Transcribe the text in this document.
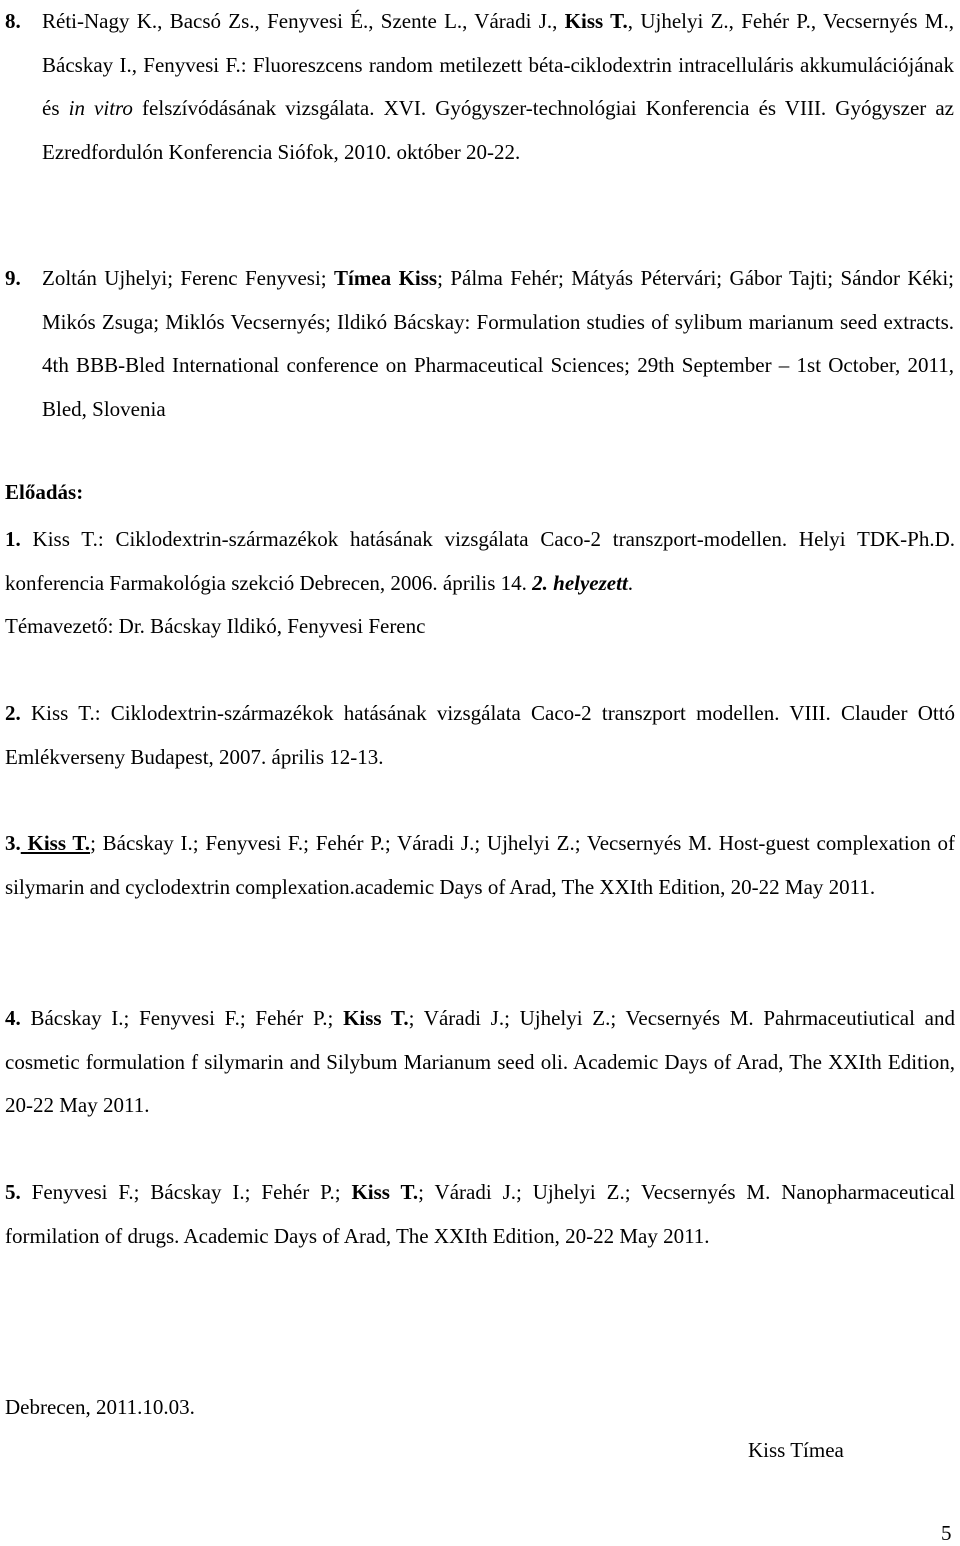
8. Réti-Nagy K., Bacsó Zs., Fenyvesi É., Szente L., Váradi J., Kiss T., Ujhelyi Z., Fehér P., Vecsernyés M., Bácskay I., Fenyvesi F.: Fluoreszcens random metilezett béta-ciklodextrin intracelluláris akkumulációjának és in vitro felszívódásának vizsgálata. XVI. Gyógyszer-technológiai Konferencia és VIII. Gyógyszer az Ezredfordulón Konferencia Siófok, 2010. október 20-22.

9. Zoltán Ujhelyi; Ferenc Fenyvesi; Tímea Kiss; Pálma Fehér; Mátyás Pétervári; Gábor Tajti; Sándor Kéki; Mikós Zsuga; Miklós Vecsernyés; Ildikó Bácskay: Formulation studies of sylibum marianum seed extracts. 4th BBB-Bled International conference on Pharmaceutical Sciences; 29th September – 1st October, 2011, Bled, Slovenia

Előadás:

1. Kiss T.: Ciklodextrin-származékok hatásának vizsgálata Caco-2 transzport-modellen. Helyi TDK-Ph.D. konferencia Farmakológia szekció Debrecen, 2006. április 14. 2. helyezett.

Témavezető: Dr. Bácskay Ildikó, Fenyvesi Ferenc

2. Kiss T.: Ciklodextrin-származékok hatásának vizsgálata Caco-2 transzport modellen. VIII. Clauder Ottó Emlékverseny Budapest, 2007. április 12-13.

3. Kiss T.; Bácskay I.; Fenyvesi F.; Fehér P.; Váradi J.; Ujhelyi Z.; Vecsernyés M. Host-guest complexation of silymarin and cyclodextrin complexation.academic Days of Arad, The XXIth Edition, 20-22 May 2011.

4. Bácskay I.; Fenyvesi F.; Fehér P.; Kiss T.; Váradi J.; Ujhelyi Z.; Vecsernyés M. Pahrmaceutiutical and cosmetic formulation f silymarin and Silybum Marianum seed oli. Academic Days of Arad, The XXIth Edition, 20-22 May 2011.

5. Fenyvesi F.; Bácskay I.; Fehér P.; Kiss T.; Váradi J.; Ujhelyi Z.; Vecsernyés M. Nanopharmaceutical formilation of drugs. Academic Days of Arad, The XXIth Edition, 20-22 May 2011.

Debrecen, 2011.10.03.
Kiss Tímea
5
